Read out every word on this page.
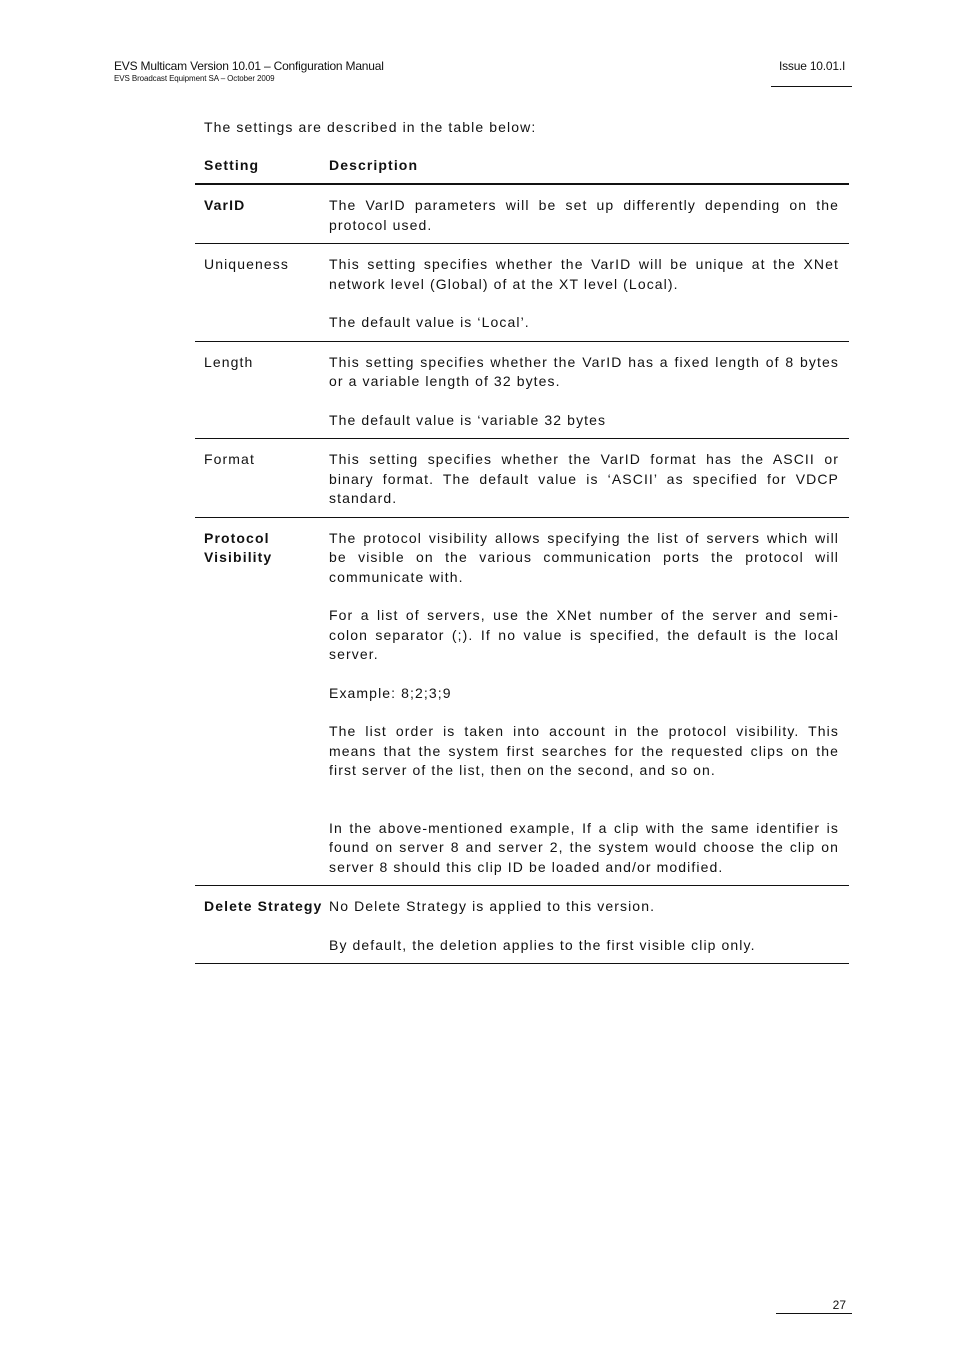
EVS Multicam Version 10.01 – Configuration Manual
EVS Broadcast Equipment SA – October 2009
Issue 10.01.I
The settings are described in the table below:
Setting	Description
VarID	The VarID parameters will be set up differently depending on the protocol used.

Uniqueness	This setting specifies whether the VarID will be unique at the XNet network level (Global) of at the XT level (Local).

The default value is ‘Local’.

Length	This setting specifies whether the VarID has a fixed length of 8 bytes or a variable length of 32 bytes.

The default value is ‘variable 32 bytes

Format	This setting specifies whether the VarID format has the ASCII or binary format. The default value is ‘ASCII’ as specified for VDCP standard.

Protocol Visibility	The protocol visibility allows specifying the list of servers which will be visible on the various communication ports the protocol will communicate with.

For a list of servers, use the XNet number of the server and semi-colon separator (;). If no value is specified, the default is the local server.

Example: 8;2;3;9

The list order is taken into account in the protocol visibility. This means that the system first searches for the requested clips on the first server of the list, then on the second, and so on.

In the above-mentioned example, If a clip with the same identifier is found on server 8 and server 2, the system would choose the clip on server 8 should this clip ID be loaded and/or modified.

Delete Strategy	No Delete Strategy is applied to this version.

By default, the deletion applies to the first visible clip only.

27
